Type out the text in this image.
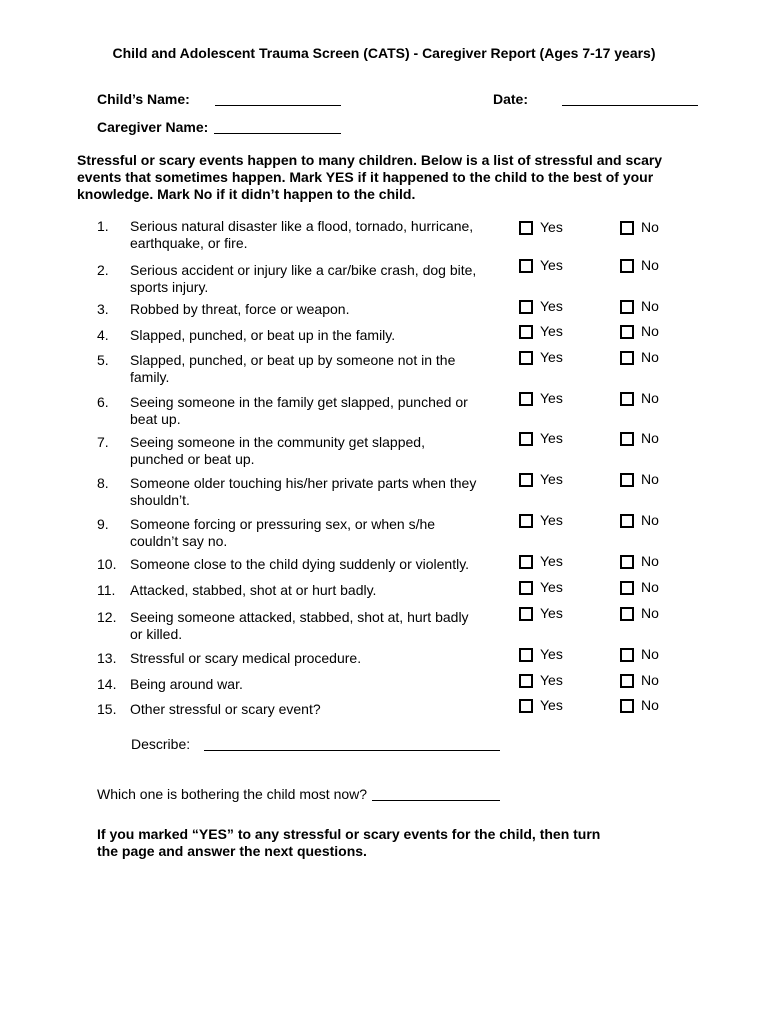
Child and Adolescent Trauma Screen (CATS) - Caregiver Report (Ages 7-17 years)
Child’s Name:	Date:
Caregiver Name:
Stressful or scary events happen to many children. Below is a list of stressful and scary events that sometimes happen. Mark YES if it happened to the child to the best of your knowledge. Mark No if it didn’t happen to the child.
1. Serious natural disaster like a flood, tornado, hurricane, earthquake, or fire.
Yes	No
2. Serious accident or injury like a car/bike crash, dog bite, sports injury.
Yes	No
3. Robbed by threat, force or weapon.	Yes	No
4. Slapped, punched, or beat up in the family.	Yes	No
5. Slapped, punched, or beat up by someone not in the family.
Yes	No
6. Seeing someone in the family get slapped, punched or beat up.
Yes	No
7. Seeing someone in the community get slapped, punched or beat up.
Yes	No
8. Someone older touching his/her private parts when they shouldn’t.
Yes	No
9. Someone forcing or pressuring sex, or when s/he couldn’t say no.
Yes	No
10. Someone close to the child dying suddenly or violently.	Yes	No
11. Attacked, stabbed, shot at or hurt badly.	Yes	No
12. Seeing someone attacked, stabbed, shot at, hurt badly or killed.
Yes	No
13. Stressful or scary medical procedure.	Yes	No
14. Being around war.	Yes	No
15. Other stressful or scary event?	Yes	No
Describe:
Which one is bothering the child most now?
If you marked “YES” to any stressful or scary events for the child, then turn the page and answer the next questions.
